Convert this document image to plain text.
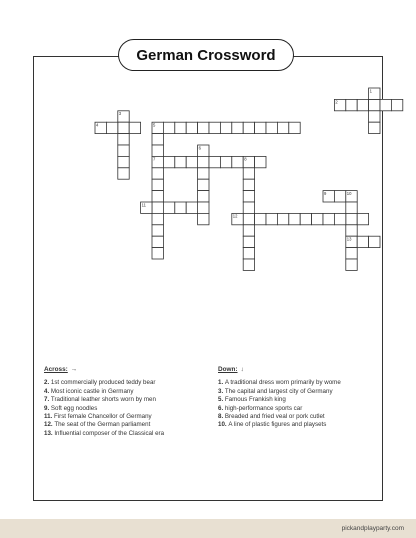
German Crossword
2
1
3
4	5
6
7	8
9	10
11
12
13
Across: →
2. 1st commercially produced teddy bear
4. Most iconic castle in Germany
7. Traditional leather shorts worn by men
9. Soft egg noodles
11. First female Chancellor of Germany
12. The seat of the German parliament
13. Influential composer of the Classical era
Down: ↓
1. A traditional dress worn primarily by wome
3. The capital and largest city of Germany
5. Famous Frankish king
6. high-performance sports car
8. Breaded and fried veal or pork cutlet
10. A line of plastic figures and playsets
pickandplayparty.com
